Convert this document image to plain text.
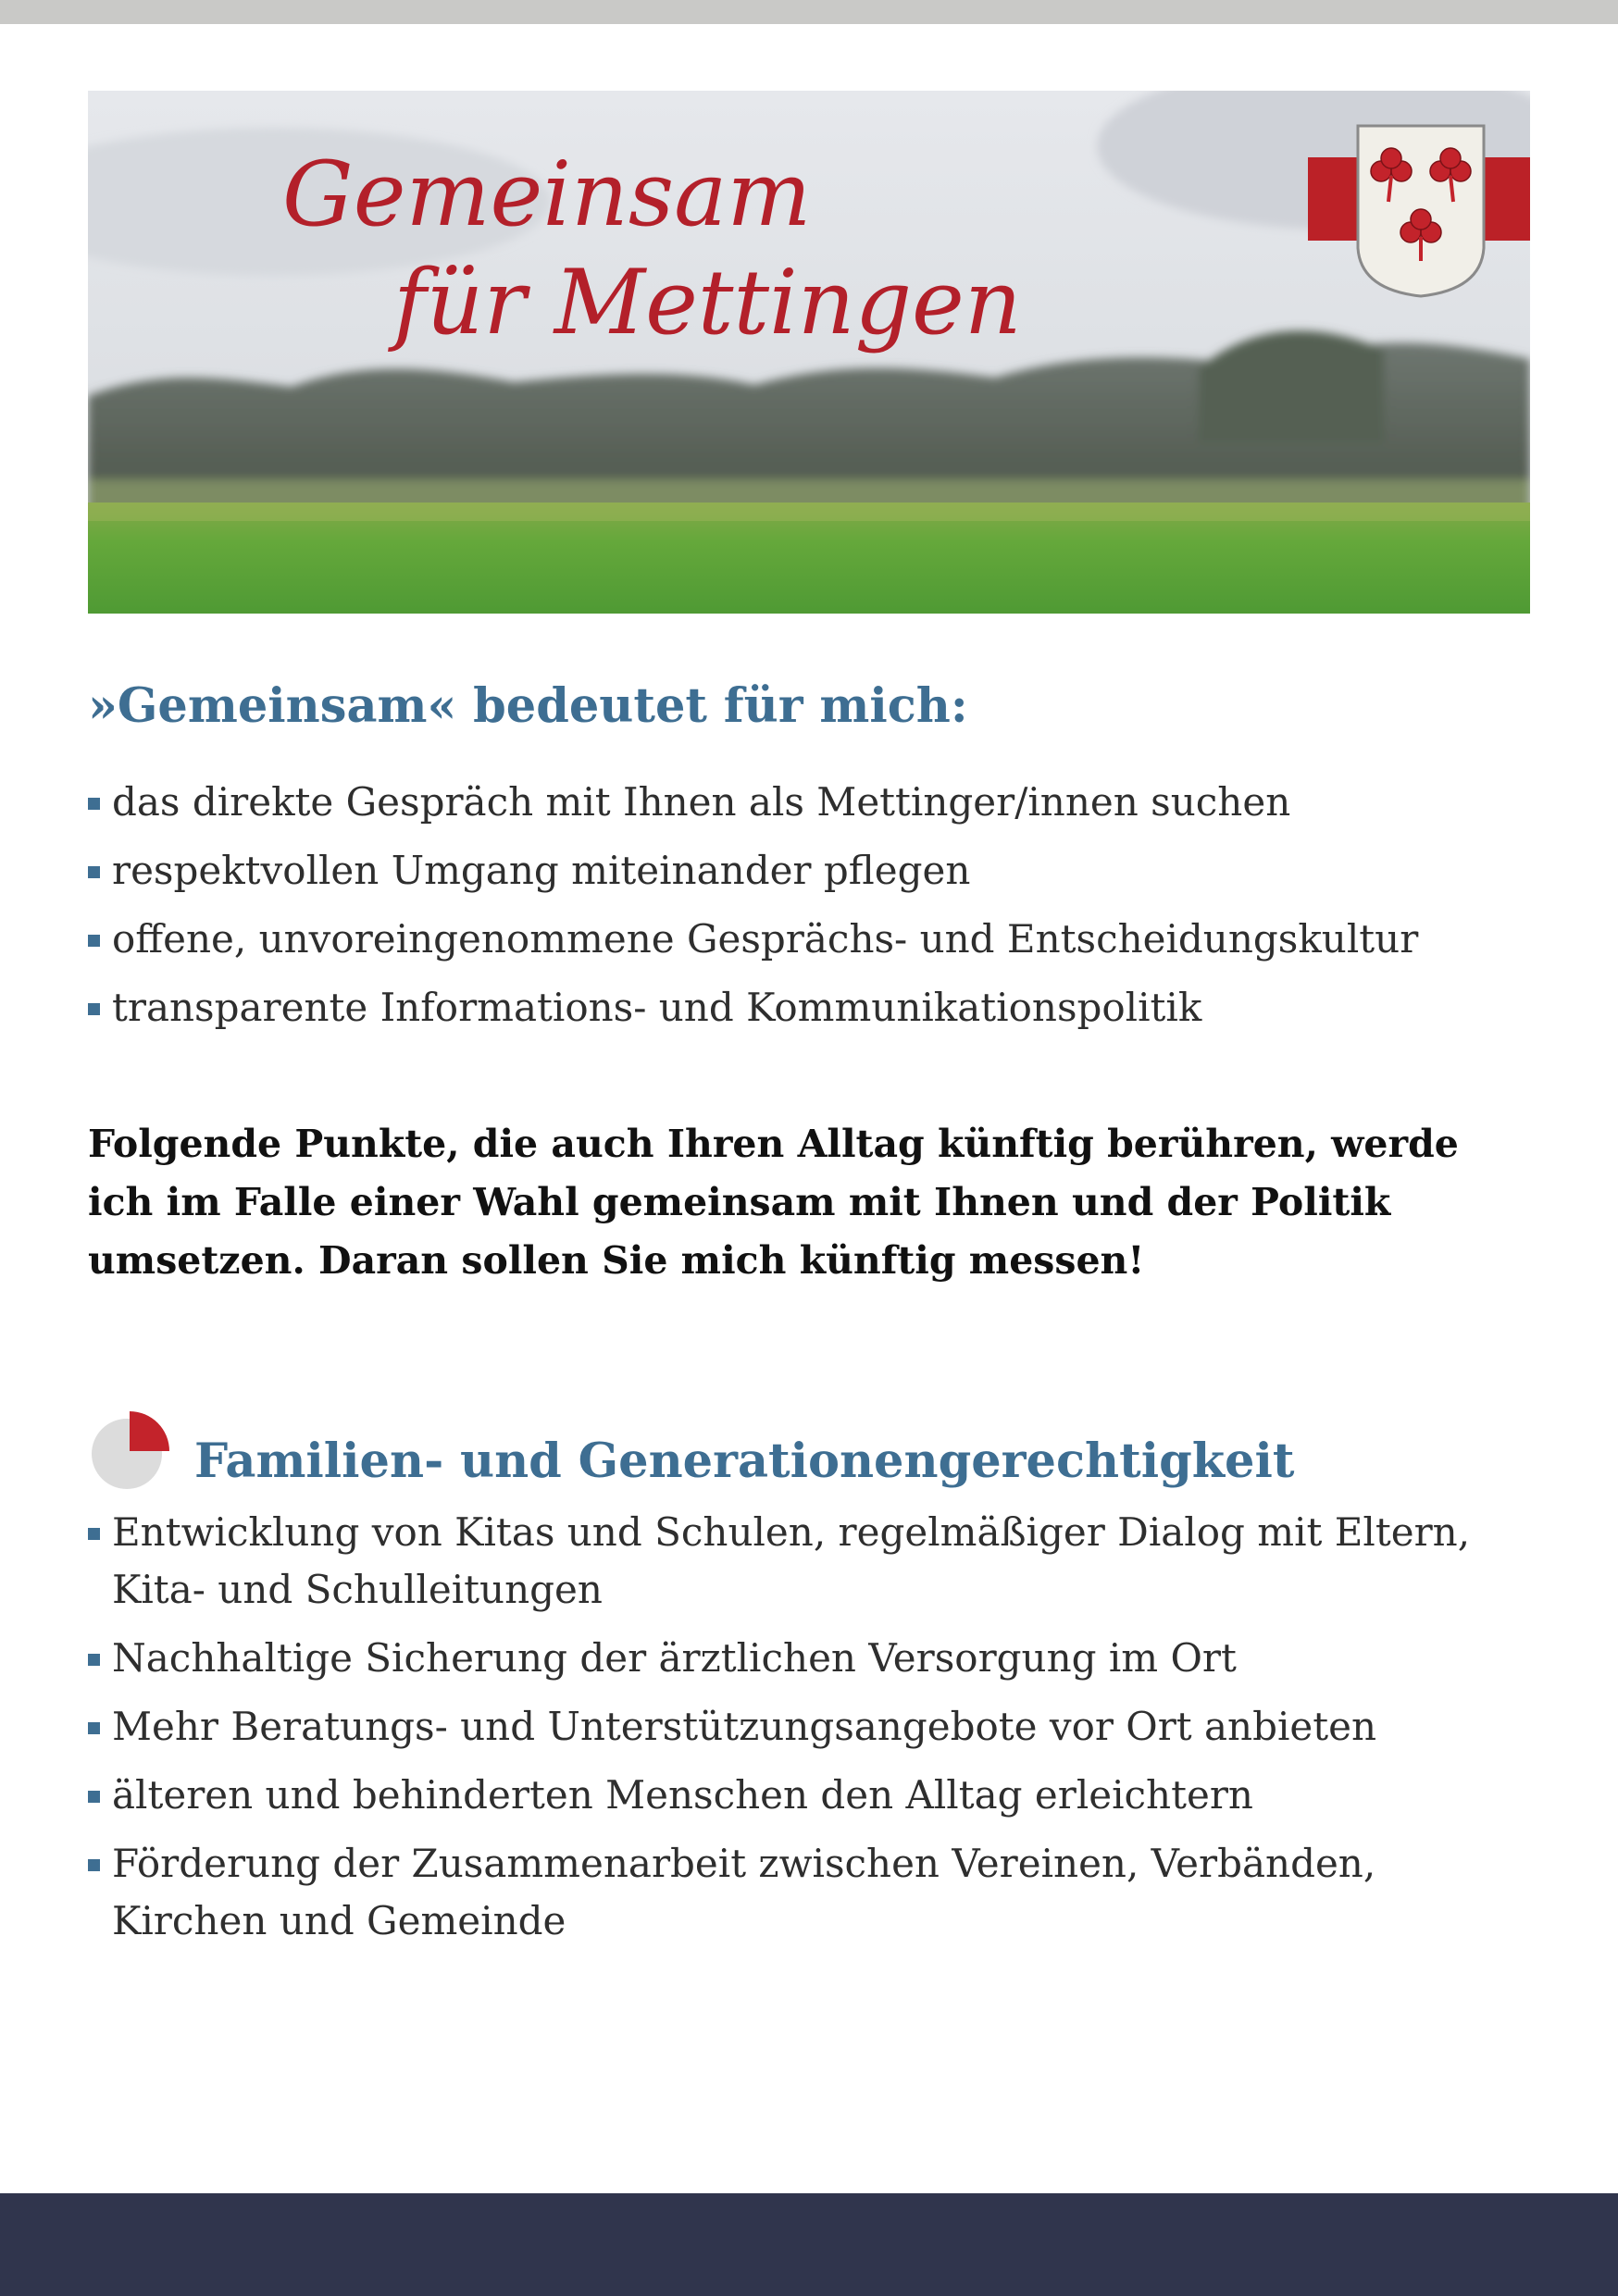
Gemeinsam
für Mettingen
»Gemeinsam« bedeutet für mich:
das direkte Gespräch mit Ihnen als Mettinger/innen suchen
respektvollen Umgang miteinander pflegen
offene, unvoreingenommene Gesprächs- und Entscheidungskultur
transparente Informations- und Kommunikationspolitik

Folgende Punkte, die auch Ihren Alltag künftig berühren, werde ich im Falle einer Wahl gemeinsam mit Ihnen und der Politik umsetzen. Daran sollen Sie mich künftig messen!

Familien- und Generationengerechtigkeit
Entwicklung von Kitas und Schulen, regelmäßiger Dialog mit Eltern, Kita- und Schulleitungen
Nachhaltige Sicherung der ärztlichen Versorgung im Ort
Mehr Beratungs- und Unterstützungsangebote vor Ort anbieten
älteren und behinderten Menschen den Alltag erleichtern
Förderung der Zusammenarbeit zwischen Vereinen, Verbänden, Kirchen und Gemeinde
